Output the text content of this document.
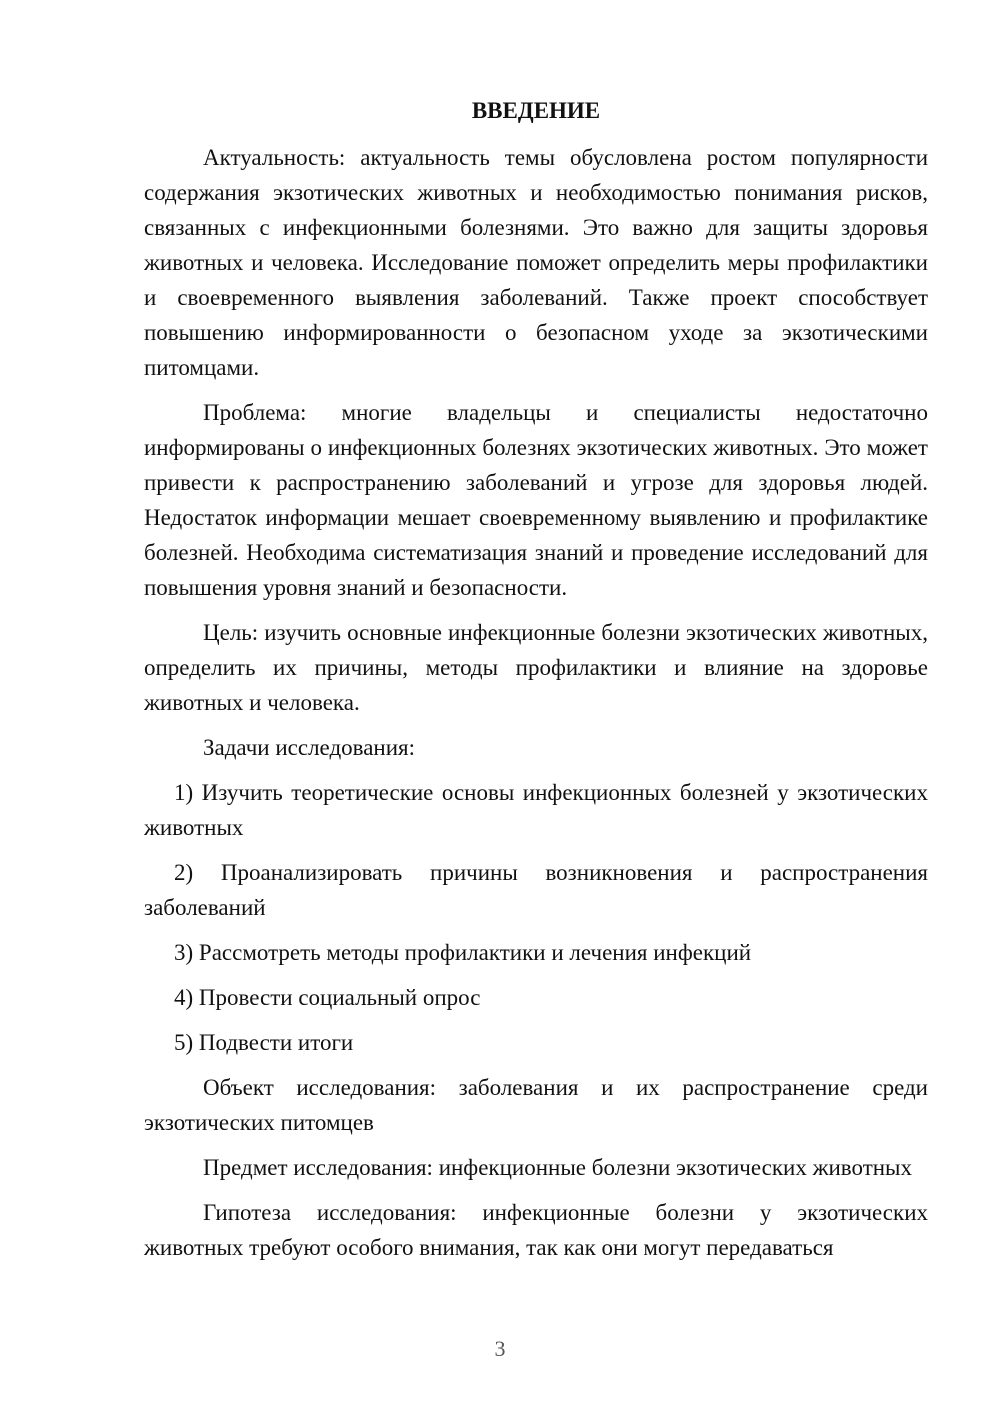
ВВЕДЕНИЕ

Актуальность: актуальность темы обусловлена ростом популярности содержания экзотических животных и необходимостью понимания рисков, связанных с инфекционными болезнями. Это важно для защиты здоровья животных и человека. Исследование поможет определить меры профилактики и своевременного выявления заболеваний. Также проект способствует повышению информированности о безопасном уходе за экзотическими питомцами.

Проблема: многие владельцы и специалисты недостаточно информированы о инфекционных болезнях экзотических животных. Это может привести к распространению заболеваний и угрозе для здоровья людей. Недостаток информации мешает своевременному выявлению и профилактике болезней. Необходима систематизация знаний и проведение исследований для повышения уровня знаний и безопасности.

Цель: изучить основные инфекционные болезни экзотических животных, определить их причины, методы профилактики и влияние на здоровье животных и человека.

Задачи исследования:

1) Изучить теоретические основы инфекционных болезней у экзотических животных

2) Проанализировать причины возникновения и распространения заболеваний

3) Рассмотреть методы профилактики и лечения инфекций

4) Провести социальный опрос

5) Подвести итоги

Объект исследования: заболевания и их распространение среди экзотических питомцев

Предмет исследования: инфекционные болезни экзотических животных

Гипотеза исследования: инфекционные болезни у экзотических животных требуют особого внимания, так как они могут передаваться

3
